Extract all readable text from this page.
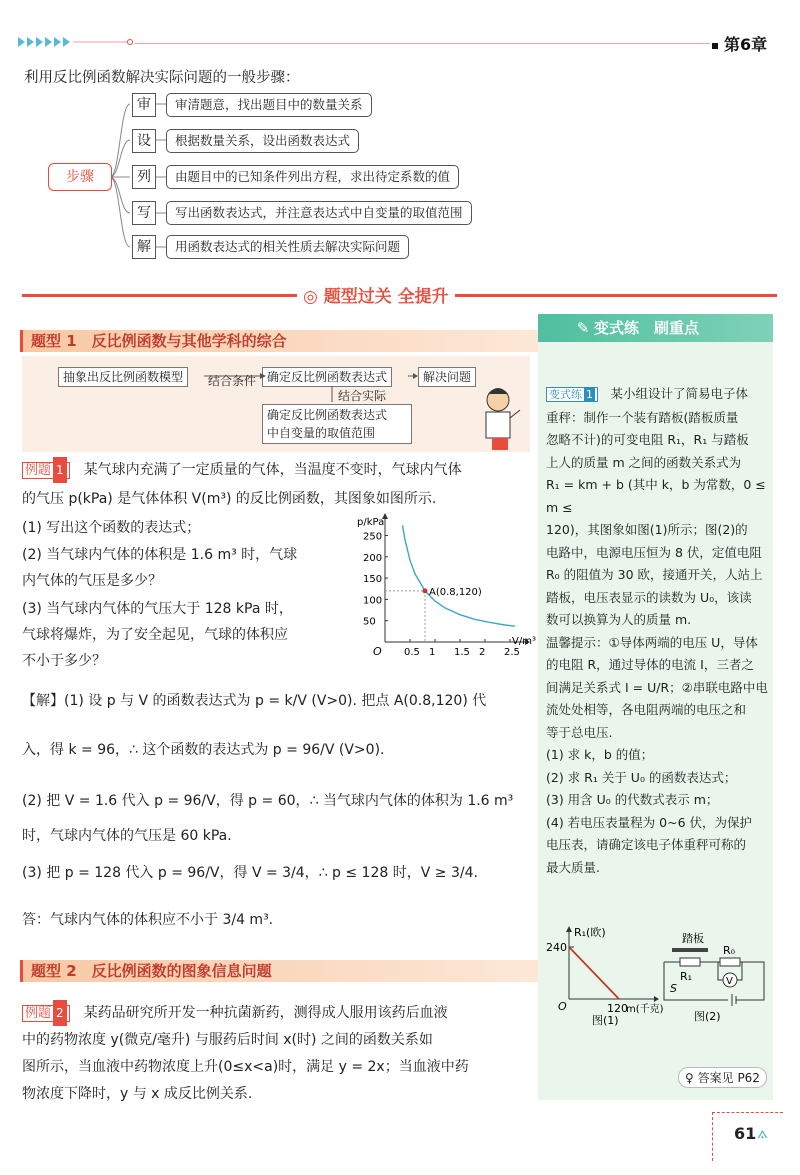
第6章
利用反比例函数解决实际问题的一般步骤：
步骤
审	审清题意，找出题目中的数量关系
设	根据数量关系，设出函数表达式
列	由题目中的已知条件列出方程，求出待定系数的值
写	写出函数表达式，并注意表达式中自变量的取值范围
解	用函数表达式的相关性质去解决实际问题
◎ 题型过关 全提升
题型 1　反比例函数与其他学科的综合
抽象出反比例函数模型	结合条件 确定反比例函数表达式	解决问题
结合实际
确定反比例函数表达式
中自变量的取值范围
例题 1　 某气球内充满了一定质量的气体，当温度不变时，气球内气体
的气压 p(kPa) 是气体体积 V(m³) 的反比例函数，其图象如图所示.
(1) 写出这个函数的表达式；
(2) 当气球内气体的体积是 1.6 m³ 时，气球
内气体的气压是多少？
(3) 当气球内气体的气压大于 128 kPa 时，
气球将爆炸，为了安全起见，气球的体积应
不小于多少？
p/kPa
V/m³
O
50
100
150
200
250
0.5 1 1.5 2 2.5
A(0.8,120)
【解】(1) 设 p 与 V 的函数表达式为 p = k/V (V>0). 把点 A(0.8,120) 代
入，得 k = 96，∴ 这个函数的表达式为 p = 96/V (V>0).
(2) 把 V = 1.6 代入 p = 96/V，得 p = 60，∴ 当气球内气体的体积为 1.6 m³
时，气球内气体的气压是 60 kPa.
(3) 把 p = 128 代入 p = 96/V，得 V = 3/4，∴ p ≤ 128 时，V ≥ 3/4.
答：气球内气体的体积应不小于 3/4 m³.
题型 2　反比例函数的图象信息问题
例题 2　 某药品研究所开发一种抗菌新药，测得成人服用该药后血液
中的药物浓度 y(微克/毫升) 与服药后时间 x(时) 之间的函数关系如
图所示，当血液中药物浓度上升(0≤x<a)时，满足 y = 2x；当血液中药
物浓度下降时，y 与 x 成反比例关系.
✎ 变式练　刷重点
变式练 1　 某小组设计了简易电子体
重秤：制作一个装有踏板(踏板质量
忽略不计)的可变电阻 R₁，R₁ 与踏板
上人的质量 m 之间的函数关系式为
R₁ = km + b (其中 k，b 为常数，0 ≤ m ≤
120)，其图象如图(1)所示；图(2)的
电路中，电源电压恒为 8 伏，定值电阻
R₀ 的阻值为 30 欧，接通开关，人站上
踏板，电压表显示的读数为 U₀，该读
数可以换算为人的质量 m.
温馨提示：①导体两端的电压 U，导体
的电阻 R，通过导体的电流 I，三者之
间满足关系式 I = U/R；②串联电路中电
流处处相等，各电阻两端的电压之和
等于总电压.
(1) 求 k，b 的值；
(2) 求 R₁ 关于 U₀ 的函数表达式；
(3) 用含 U₀ 的代数式表示 m；
(4) 若电压表量程为 0~6 伏，为保护
电压表，请确定该电子体重秤可称的
最大质量.
R₁(欧)
240
O	120
m(千克)
图(1)
踏板
R₁
R₀
V
S
图(2)
♀ 答案见 P62
61 ⟑
